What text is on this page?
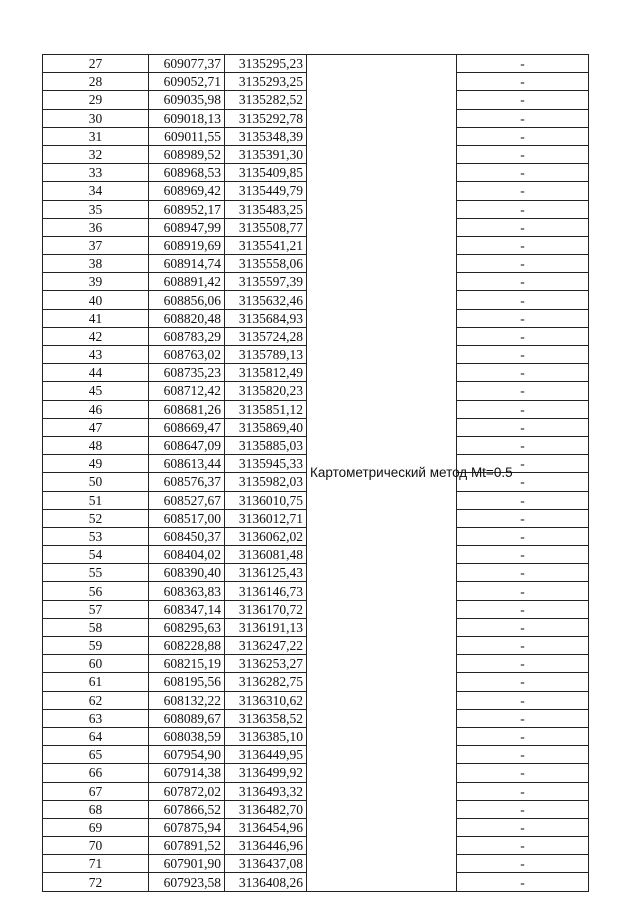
27	609077,37	3135295,23	Картометрический метод Mt=0.5	-
28	609052,71	3135293,25		-
29	609035,98	3135282,52		-
30	609018,13	3135292,78		-
31	609011,55	3135348,39		-
32	608989,52	3135391,30		-
33	608968,53	3135409,85		-
34	608969,42	3135449,79		-
35	608952,17	3135483,25		-
36	608947,99	3135508,77		-
37	608919,69	3135541,21		-
38	608914,74	3135558,06		-
39	608891,42	3135597,39		-
40	608856,06	3135632,46		-
41	608820,48	3135684,93		-
42	608783,29	3135724,28		-
43	608763,02	3135789,13		-
44	608735,23	3135812,49		-
45	608712,42	3135820,23		-
46	608681,26	3135851,12		-
47	608669,47	3135869,40		-
48	608647,09	3135885,03		-
49	608613,44	3135945,33		-
50	608576,37	3135982,03		-
51	608527,67	3136010,75		-
52	608517,00	3136012,71		-
53	608450,37	3136062,02		-
54	608404,02	3136081,48		-
55	608390,40	3136125,43		-
56	608363,83	3136146,73		-
57	608347,14	3136170,72		-
58	608295,63	3136191,13		-
59	608228,88	3136247,22		-
60	608215,19	3136253,27		-
61	608195,56	3136282,75		-
62	608132,22	3136310,62		-
63	608089,67	3136358,52		-
64	608038,59	3136385,10		-
65	607954,90	3136449,95		-
66	607914,38	3136499,92		-
67	607872,02	3136493,32		-
68	607866,52	3136482,70		-
69	607875,94	3136454,96		-
70	607891,52	3136446,96		-
71	607901,90	3136437,08		-
72	607923,58	3136408,26		-
